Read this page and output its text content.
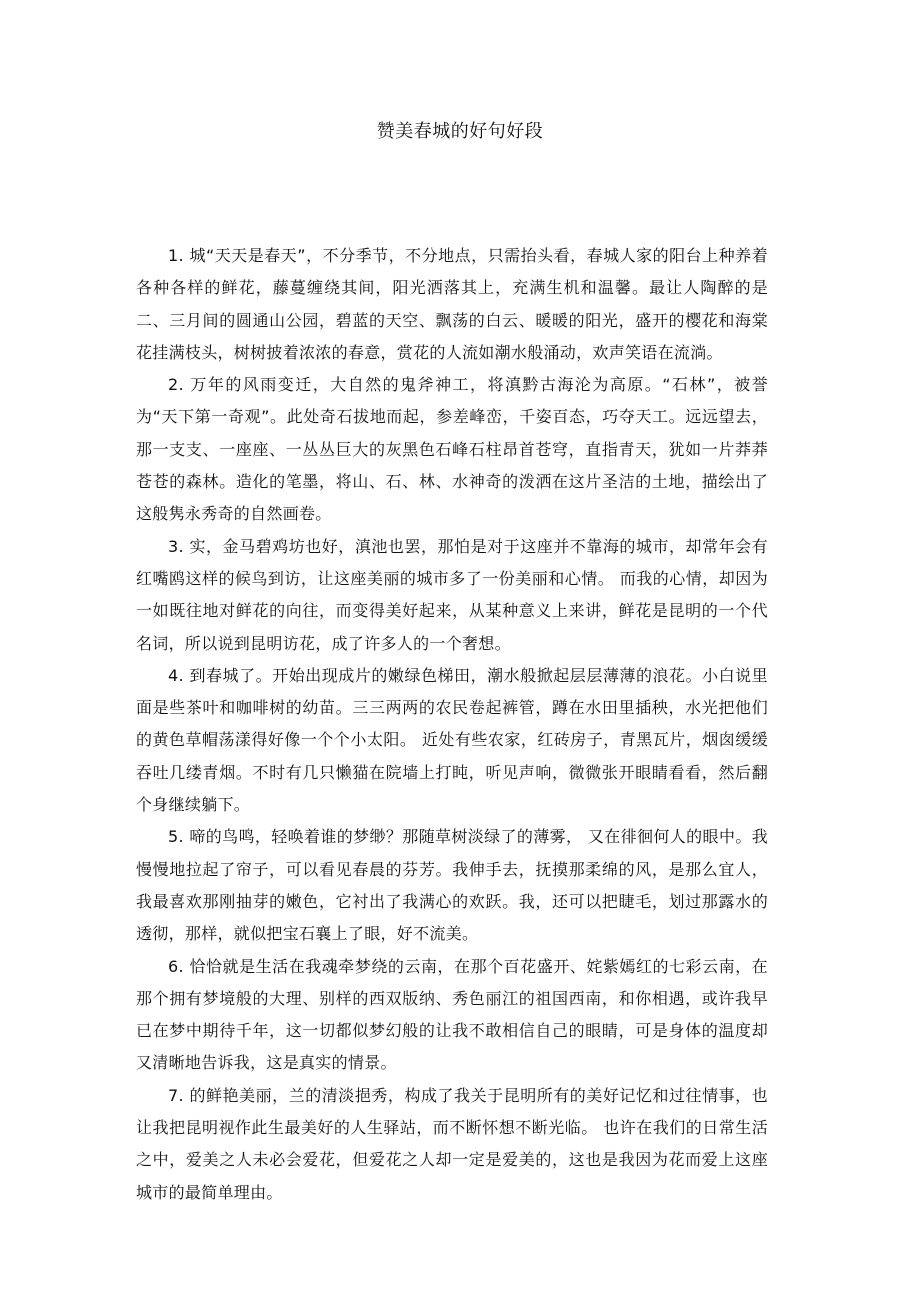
赞美春城的好句好段

1. 城“天天是春天”，不分季节，不分地点，只需抬头看，春城人家的阳台上种养着各种各样的鲜花，藤蔓缠绕其间，阳光洒落其上，充满生机和温馨。最让人陶醉的是二、三月间的圆通山公园，碧蓝的天空、飘荡的白云、暖暖的阳光，盛开的樱花和海棠花挂满枝头，树树披着浓浓的春意，赏花的人流如潮水般涌动，欢声笑语在流淌。

2. 万年的风雨变迁，大自然的鬼斧神工，将滇黔古海沦为高原。“石林”，被誉为“天下第一奇观”。此处奇石拔地而起，参差峰峦，千姿百态，巧夺天工。远远望去，那一支支、一座座、一丛丛巨大的灰黑色石峰石柱昂首苍穹，直指青天，犹如一片莽莽苍苍的森林。造化的笔墨，将山、石、林、水神奇的泼洒在这片圣洁的土地，描绘出了这般隽永秀奇的自然画卷。

3. 实，金马碧鸡坊也好，滇池也罢，那怕是对于这座并不靠海的城市，却常年会有红嘴鸥这样的候鸟到访，让这座美丽的城市多了一份美丽和心情。 而我的心情，却因为一如既往地对鲜花的向往，而变得美好起来，从某种意义上来讲，鲜花是昆明的一个代名词，所以说到昆明访花，成了许多人的一个奢想。

4. 到春城了。开始出现成片的嫩绿色梯田，潮水般掀起层层薄薄的浪花。小白说里面是些茶叶和咖啡树的幼苗。三三两两的农民卷起裤管，蹲在水田里插秧，水光把他们的黄色草帽荡漾得好像一个个小太阳。 近处有些农家，红砖房子，青黑瓦片，烟囱缓缓吞吐几缕青烟。不时有几只懒猫在院墙上打盹，听见声响，微微张开眼睛看看，然后翻个身继续躺下。

5. 啼的鸟鸣，轻唤着谁的梦缈？那随草树淡绿了的薄雾， 又在徘徊何人的眼中。我慢慢地拉起了帘子，可以看见春晨的芬芳。我伸手去，抚摸那柔绵的风，是那么宜人，我最喜欢那刚抽芽的嫩色，它衬出了我满心的欢跃。我，还可以把睫毛，划过那露水的透彻，那样，就似把宝石襄上了眼，好不流美。

6. 恰恰就是生活在我魂牵梦绕的云南，在那个百花盛开、姹紫嫣红的七彩云南，在那个拥有梦境般的大理、别样的西双版纳、秀色丽江的祖国西南，和你相遇，或许我早已在梦中期待千年，这一切都似梦幻般的让我不敢相信自己的眼睛，可是身体的温度却又清晰地告诉我，这是真实的情景。

7. 的鲜艳美丽，兰的清淡挹秀，构成了我关于昆明所有的美好记忆和过往情事，也让我把昆明视作此生最美好的人生驿站，而不断怀想不断光临。 也许在我们的日常生活之中，爱美之人未必会爱花，但爱花之人却一定是爱美的，这也是我因为花而爱上这座城市的最简单理由。
